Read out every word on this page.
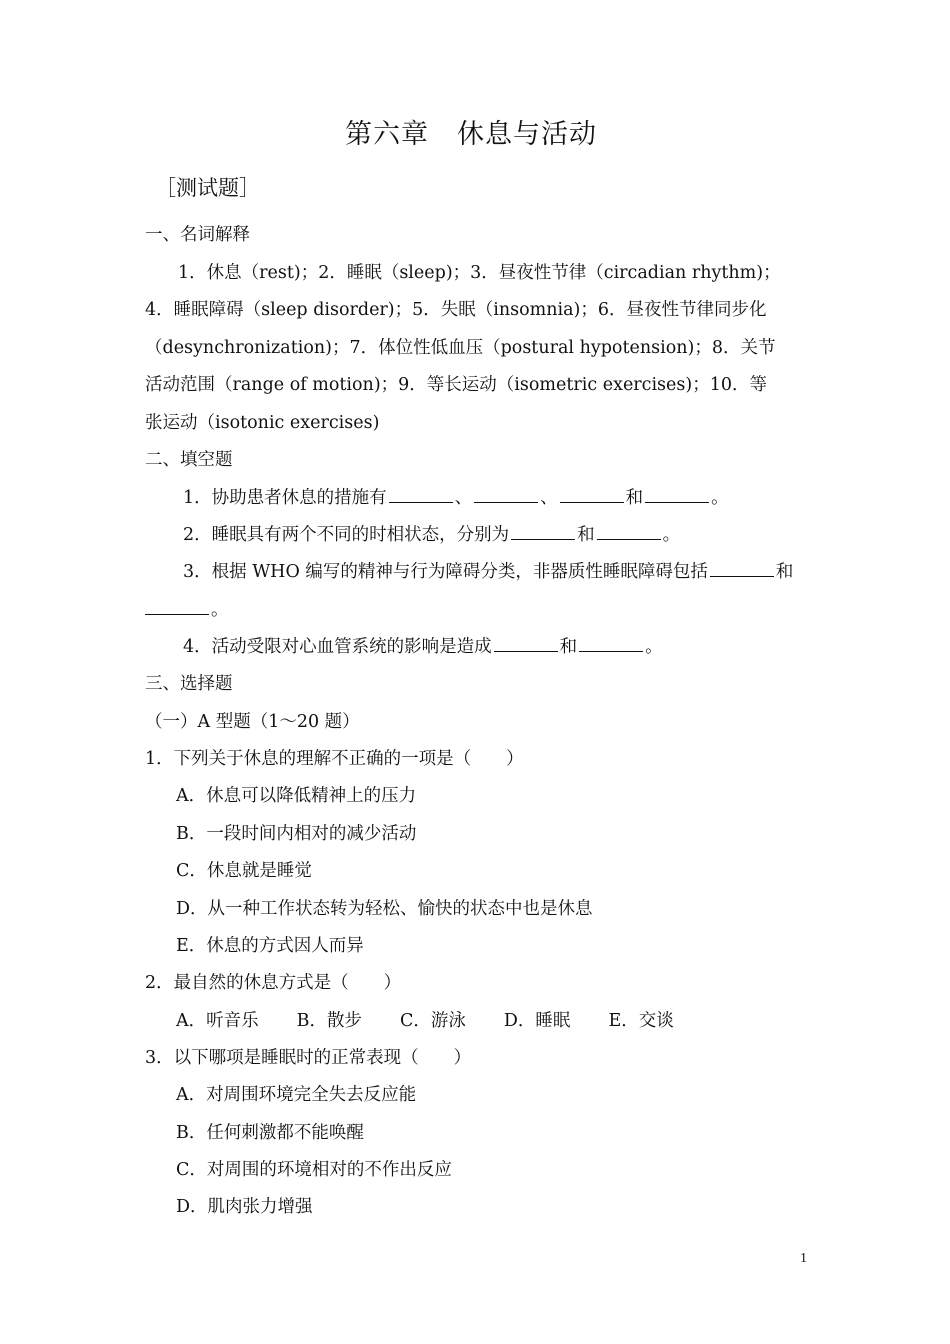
第六章　休息与活动
［测试题］
一、名词解释
1．休息（rest)；2．睡眠（sleep)；3．昼夜性节律（circadian rhythm)；
4．睡眠障碍（sleep disorder)；5．失眠（insomnia)；6．昼夜性节律同步化
（desynchronization)；7．体位性低血压（postural hypotension)；8．关节
活动范围（range of motion)；9．等长运动（isometric exercises)；10．等
张运动（isotonic exercises)
二、填空题
1．协助患者休息的措施有	、	、	和	。
2．睡眠具有两个不同的时相状态，分别为	和	。
3．根据 WHO 编写的精神与行为障碍分类，非器质性睡眠障碍包括	和
。
4．活动受限对心血管系统的影响是造成	和	。
三、选择题
（一）A 型题（1～20 题）
1．下列关于休息的理解不正确的一项是（　　）
A．休息可以降低精神上的压力
B．一段时间内相对的减少活动
C．休息就是睡觉
D．从一种工作状态转为轻松、愉快的状态中也是休息
E．休息的方式因人而异
2．最自然的休息方式是（　　）
A．听音乐 B．散步 C．游泳 D．睡眠 E．交谈
3．以下哪项是睡眠时的正常表现（　　）
A．对周围环境完全失去反应能
B．任何刺激都不能唤醒
C．对周围的环境相对的不作出反应
D．肌肉张力增强
1
